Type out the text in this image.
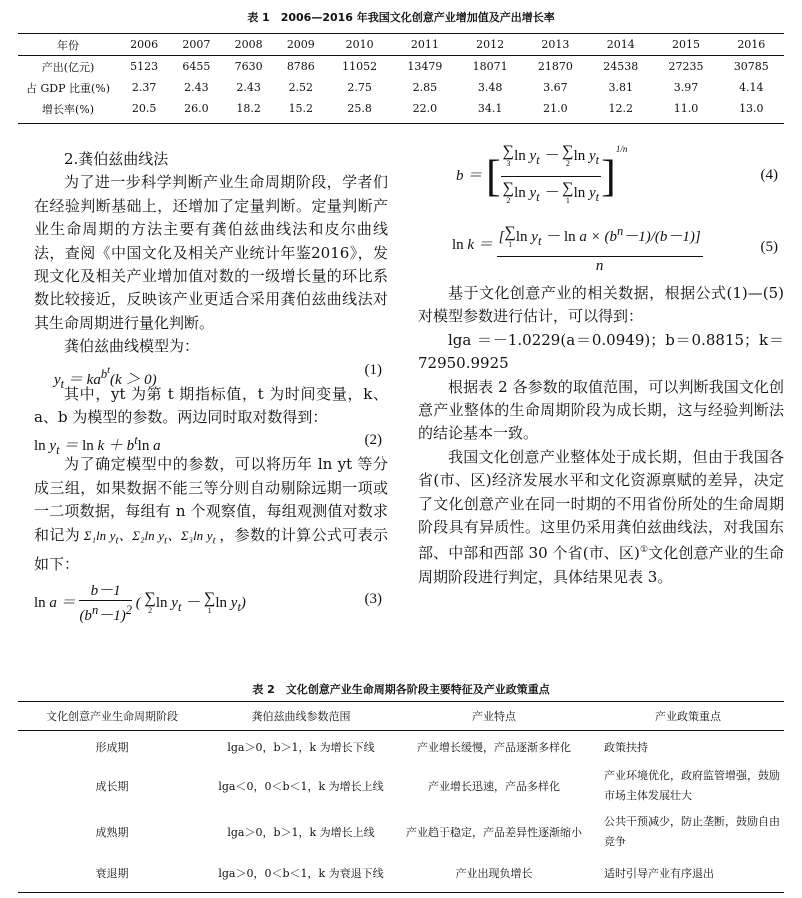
表 1　2006—2016 年我国文化创意产业增加值及产出增长率
年份	2006	2007	2008	2009	2010	2011	2012	2013	2014	2015	2016
产出(亿元)	5123	6455	7630	8786	11052	13479	18071	21870	24538	27235	30785
占 GDP 比重(%)	2.37	2.43	2.43	2.52	2.75	2.85	3.48	3.67	3.81	3.97	4.14
增长率(%)	20.5	26.0	18.2	15.2	25.8	22.0	34.1	21.0	12.2	11.0	13.0

2.龚伯兹曲线法

为了进一步科学判断产业生命周期阶段，学者们在经验判断基础上，还增加了定量判断。定量判断产业生命周期的方法主要有龚伯兹曲线法和皮尔曲线法，查阅《中国文化及相关产业统计年鉴2016》，发现文化及相关产业增加值对数的一级增长量的环比系数比较接近，反映该产业更适合采用龚伯兹曲线法对其生命周期进行量化判断。

龚伯兹曲线模型为：

$y_t = ka^{b^t}(k > 0)$
(1)

其中，yt 为第 t 期指标值，t 为时间变量，k、a、b 为模型的参数。两边同时取对数得到：

$\ln y_t = \ln k + b^t\ln$ a	(2)

为了确定模型中的参数，可以将历年 ln yt 等分成三组，如果数据不能三等分则自动剔除远期一项或一二项数据，每组有 n 个观察值，每组观测值对数求和记为 Σ₁ln $y_t$、Σ₂ln $y_t$、Σ₃ln $y_t$ ，参数的计算公式可表示如下：

$\ln a = \frac{b-1}{(b^n-1)^2}$ ( ∑
2 $\ln y_t$ － ∑
1 $\ln y_t$)	(3)
b ＝ [ ∑
3 $\ln y_t$ － ∑
2 $\ln y_t$
∑
2 $\ln y_t$ － ∑
1 $\ln y_t$ ]$^{1/n}$
(4)
ln k ＝ [ ∑
1 $\ln y_t - \ln a \times (b^n-1)/(b-1)$]
n	(5)

基于文化创意产业的相关数据，根据公式(1)—(5)对模型参数进行估计，可以得到：

lga ＝－1.0229(a＝0.0949)；b＝0.8815；k＝72950.9925

根据表 2 各参数的取值范围，可以判断我国文化创意产业整体的生命周期阶段为成长期，这与经验判断法的结论基本一致。

我国文化创意产业整体处于成长期，但由于我国各省(市、区)经济发展水平和文化资源禀赋的差异，决定了文化创意产业在同一时期的不用省份所处的生命周期阶段具有异质性。这里仍采用龚伯兹曲线法，对我国东部、中部和西部 30 个省(市、区)①文化创意产业的生命周期阶段进行判定，具体结果见表 3。

表 2　文化创意产业生命周期各阶段主要特征及产业政策重点
文化创意产业生命周期阶段	龚伯兹曲线参数范围	产业特点	产业政策重点
形成期	lga＞0，b＞1，k 为增长下线	产业增长缓慢，产品逐渐多样化	政策扶持
成长期	lga＜0，0＜b＜1，k 为增长上线	产业增长迅速，产品多样化	产业环境优化，政府监管增强，鼓励市场主体发展壮大
成熟期	lga＞0，b＞1，k 为增长上线	产业趋于稳定，产品差异性逐渐缩小	公共干预减少，防止垄断，鼓励自由竞争
衰退期	lga＞0，0＜b＜1，k 为衰退下线	产业出现负增长	适时引导产业有序退出
